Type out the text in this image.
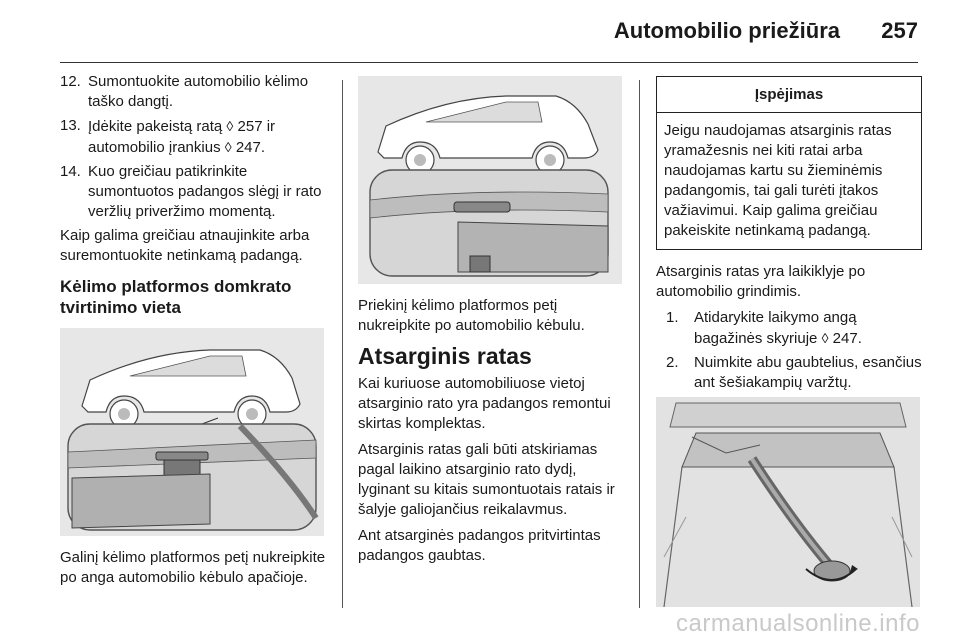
Automobilio priežiūra 257
12. Sumontuokite automobilio kėlimo taško dangtį.
13. Įdėkite pakeistą ratą ◊ 257 ir automobilio įrankius ◊ 247.
14. Kuo greičiau patikrinkite sumontuotos padangos slėgį ir rato veržlių priveržimo momentą.

Kaip galima greičiau atnaujinkite arba suremontuokite netinkamą padangą.

Kėlimo platformos domkrato tvirtinimo vieta

Galinį kėlimo platformos petį nukreipkite po anga automobilio kėbulo apačioje.

Priekinį kėlimo platformos petį nukreipkite po automobilio kėbulu.

Atsarginis ratas

Kai kuriuose automobiliuose vietoj atsarginio rato yra padangos remontui skirtas komplektas.

Atsarginis ratas gali būti atskiriamas pagal laikino atsarginio rato dydį, lyginant su kitais sumontuotais ratais ir šalyje galiojančius reikalavmus.

Ant atsarginės padangos pritvirtintas padangos gaubtas.

Įspėjimas
Jeigu naudojamas atsarginis ratas yramažesnis nei kiti ratai arba naudojamas kartu su žieminėmis padangomis, tai gali turėti įtakos važiavimui. Kaip galima greičiau pakeiskite netinkamą padangą.

Atsarginis ratas yra laikiklyje po automobilio grindimis.

1. Atidarykite laikymo angą bagažinės skyriuje ◊ 247.
2. Nuimkite abu gaubtelius, esančius ant šešiakampių varžtų.
carmanualsonline.info
